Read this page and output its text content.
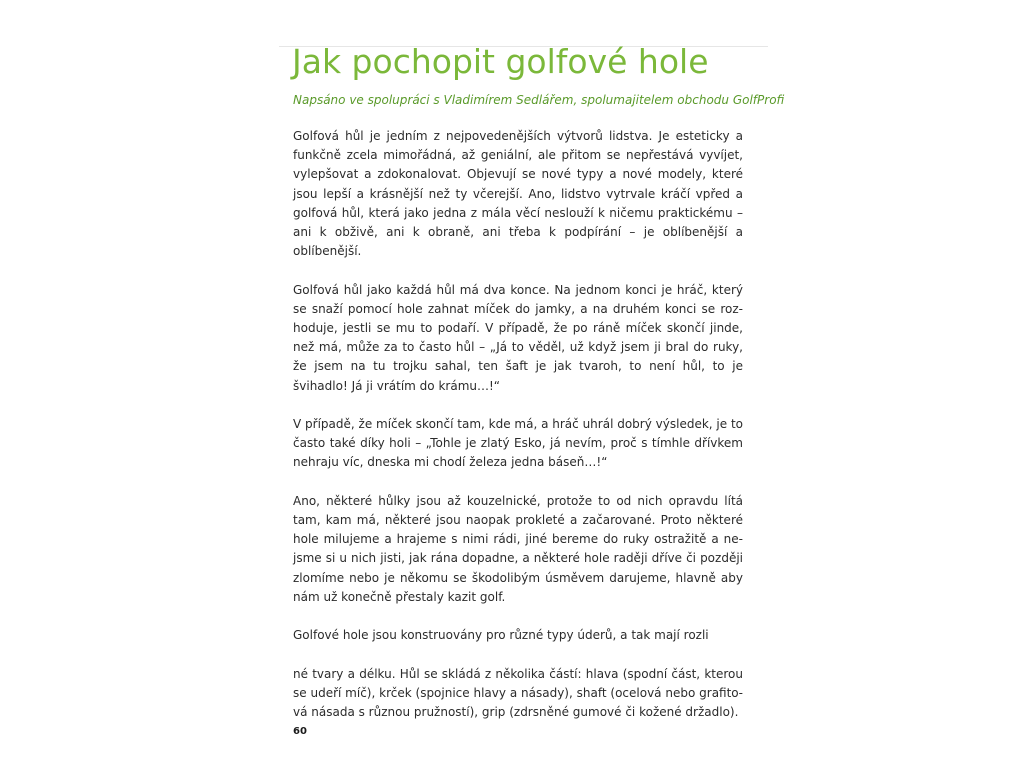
Jak pochopit golfové hole

Napsáno ve spolupráci s Vladimírem Sedlářem, spolumajitelem obchodu GolfProfi

Golfová hůl je jedním z nejpovedenějších výtvorů lidstva. Je esteticky a funkčně zcela mimořádná, až geniální, ale přitom se nepřestává vyvíjet, vylepšovat a zdokonalovat. Objevují se nové typy a nové modely, které jsou lepší a krásnější než ty včerejší. Ano, lidstvo vytrvale kráčí vpřed a golfová hůl, která jako jedna z mála věcí neslouží k ničemu praktickému – ani k obživě, ani k obraně, ani třeba k podpírání – je oblíbenější a oblíbenější.

Golfová hůl jako každá hůl má dva konce. Na jednom konci je hráč, který se snaží pomocí hole zahnat míček do jamky, a na druhém konci se rozhoduje, jestli se mu to podaří. V případě, že po ráně míček skončí jinde, než má, může za to často hůl – „Já to věděl, už když jsem ji bral do ruky, že jsem na tu trojku sahal, ten šaft je jak tvaroh, to není hůl, to je švihadlo! Já ji vrátím do krámu…!“

V případě, že míček skončí tam, kde má, a hráč uhrál dobrý výsledek, je to často také díky holi – „Tohle je zlatý Esko, já nevím, proč s tímhle dřívkem nehraju víc, dneska mi chodí železa jedna báseň…!“

Ano, některé hůlky jsou až kouzelnické, protože to od nich opravdu lítá tam, kam má, některé jsou naopak prokleté a začarované. Proto některé hole milujeme a hrajeme s nimi rádi, jiné bereme do ruky ostražitě a nejsme si u nich jisti, jak rána dopadne, a některé hole raději dříve či později zlomíme nebo je někomu se škodolibým úsměvem darujeme, hlavně aby nám už konečně přestaly kazit golf.

Golfové hole jsou konstruovány pro různé typy úderů, a tak mají rozli

né tvary a délku. Hůl se skládá z několika částí: hlava (spodní část, kterou se udeří míč), krček (spojnice hlavy a násady), shaft (ocelová nebo grafitová násada s různou pružností), grip (zdrsněné gumové či kožené držadlo).

60
